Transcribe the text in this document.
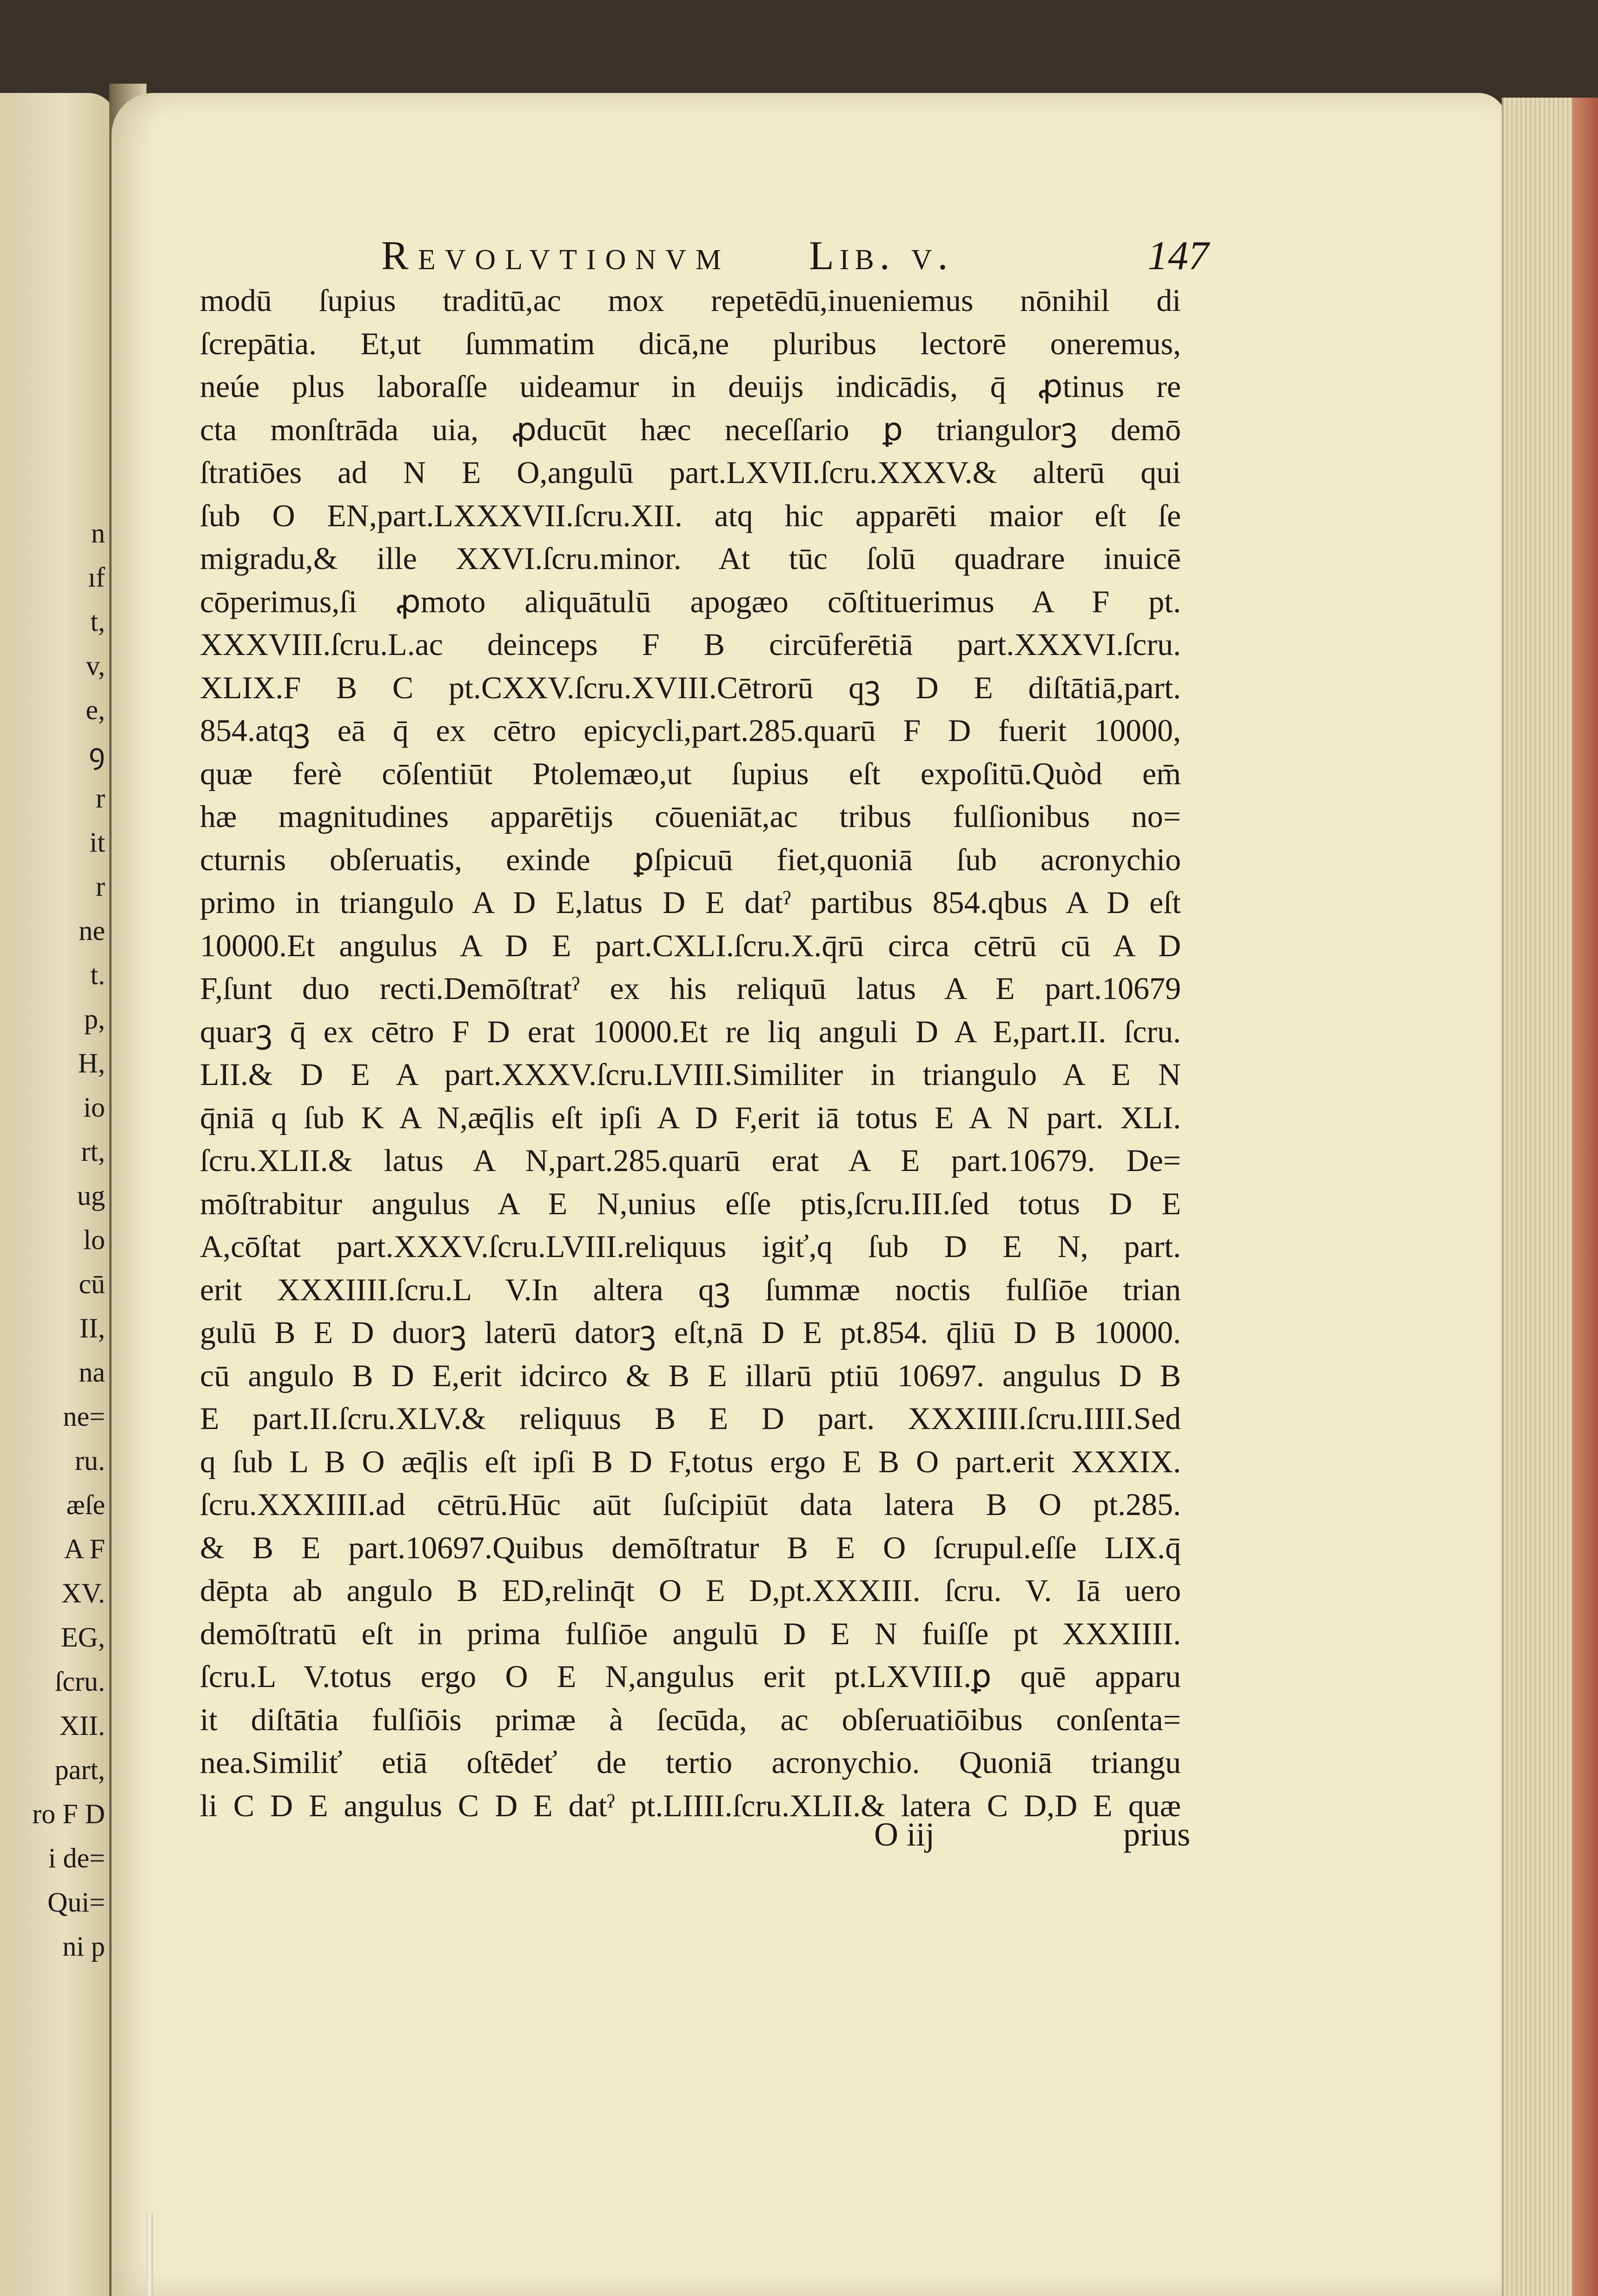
n
ıf
t,
v,
e,
ꝯ
r
it
r
ne
t.
p,
H,
io
rt,
ug
lo
cū
II,
na
ne=
ru.
æſe
A F
XV.
EG,
ſcru.
XII.
part,
ro F D
i de=
Qui=
ni p
Revolvtionvm Lib. v.	147
modū ſupius traditū,ac mox repetēdū,inueniemus nōnihil di
ſcrepātia. Et,ut ſummatim dicā,ne pluribus lectorē oneremus,
neúe plus laboraſſe uideamur in deuijs indicādis, q̄ ꝓtinus re
cta monſtrāda uia, ꝓducūt hæc neceſſario ꝑ triangulorꝫ demō
ſtratiōes ad N E O,angulū part.LXVII.ſcru.XXXV.& alterū qui
ſub O EN,part.LXXXVII.ſcru.XII. atq hic apparēti maior eſt ſe
migradu,& ille XXVI.ſcru.minor. At tūc ſolū quadrare inuicē
cōperimus,ſi ꝓmoto aliquātulū apogæo cōſtituerimus A F pt.
XXXVIII.ſcru.L.ac deinceps F B circūferētiā part.XXXVI.ſcru.
XLIX.F B C pt.CXXV.ſcru.XVIII.Cētrorū qꝫ D E diſtātiā,part.
854.atqꝫ eā q̄ ex cētro epicycli,part.285.quarū F D fuerit 10000,
quæ ferè cōſentiūt Ptolemæo,ut ſupius eſt expoſitū.Quòd em̄
hæ magnitudines apparētijs cōueniāt,ac tribus fulſionibus no=
cturnis obſeruatis, exinde ꝑſpicuū fiet,quoniā ſub acronychio
primo in triangulo A D E,latus D E datˀ partibus 854.qbus A D eſt
10000.Et angulus A D E part.CXLI.ſcru.X.q̄rū circa cētrū cū A D
F,ſunt duo recti.Demōſtratˀ ex his reliquū latus A E part.10679
quarꝫ q̄ ex cētro F D erat 10000.Et re liq anguli D A E,part.II. ſcru.
LII.& D E A part.XXXV.ſcru.LVIII.Similiter in triangulo A E N
q̄niā q ſub K A N,æq̄lis eſt ipſi A D F,erit iā totus E A N part. XLI.
ſcru.XLII.& latus A N,part.285.quarū erat A E part.10679. De=
mōſtrabitur angulus A E N,unius eſſe ptis,ſcru.III.ſed totus D E
A,cōſtat part.XXXV.ſcru.LVIII.reliquus igiť,q ſub D E N, part.
erit XXXIIII.ſcru.L V.In altera qꝫ ſummæ noctis fulſiōe trian
gulū B E D duorꝫ laterū datorꝫ eſt,nā D E pt.854. q̄liū D B 10000.
cū angulo B D E,erit idcirco & B E illarū ptiū 10697. angulus D B
E part.II.ſcru.XLV.& reliquus B E D part. XXXIIII.ſcru.IIII.Sed
q ſub L B O æq̄lis eſt ipſi B D F,totus ergo E B O part.erit XXXIX.
ſcru.XXXIIII.ad cētrū.Hūc aūt ſuſcipiūt data latera B O pt.285.
& B E part.10697.Quibus demōſtratur B E O ſcrupul.eſſe LIX.q̄
dēpta ab angulo B ED,relinq̄t O E D,pt.XXXIII. ſcru. V. Iā uero
demōſtratū eſt in prima fulſiōe angulū D E N fuiſſe pt XXXIIII.
ſcru.L V.totus ergo O E N,angulus erit pt.LXVIII.ꝑ quē apparu
it diſtātia fulſiōis primæ à ſecūda, ac obſeruatiōibus conſenta=
nea.Similiť etiā oſtēdeť de tertio acronychio. Quoniā triangu
li C D E angulus C D E datˀ pt.LIIII.ſcru.XLII.& latera C D,D E quæ
O iij	prius
